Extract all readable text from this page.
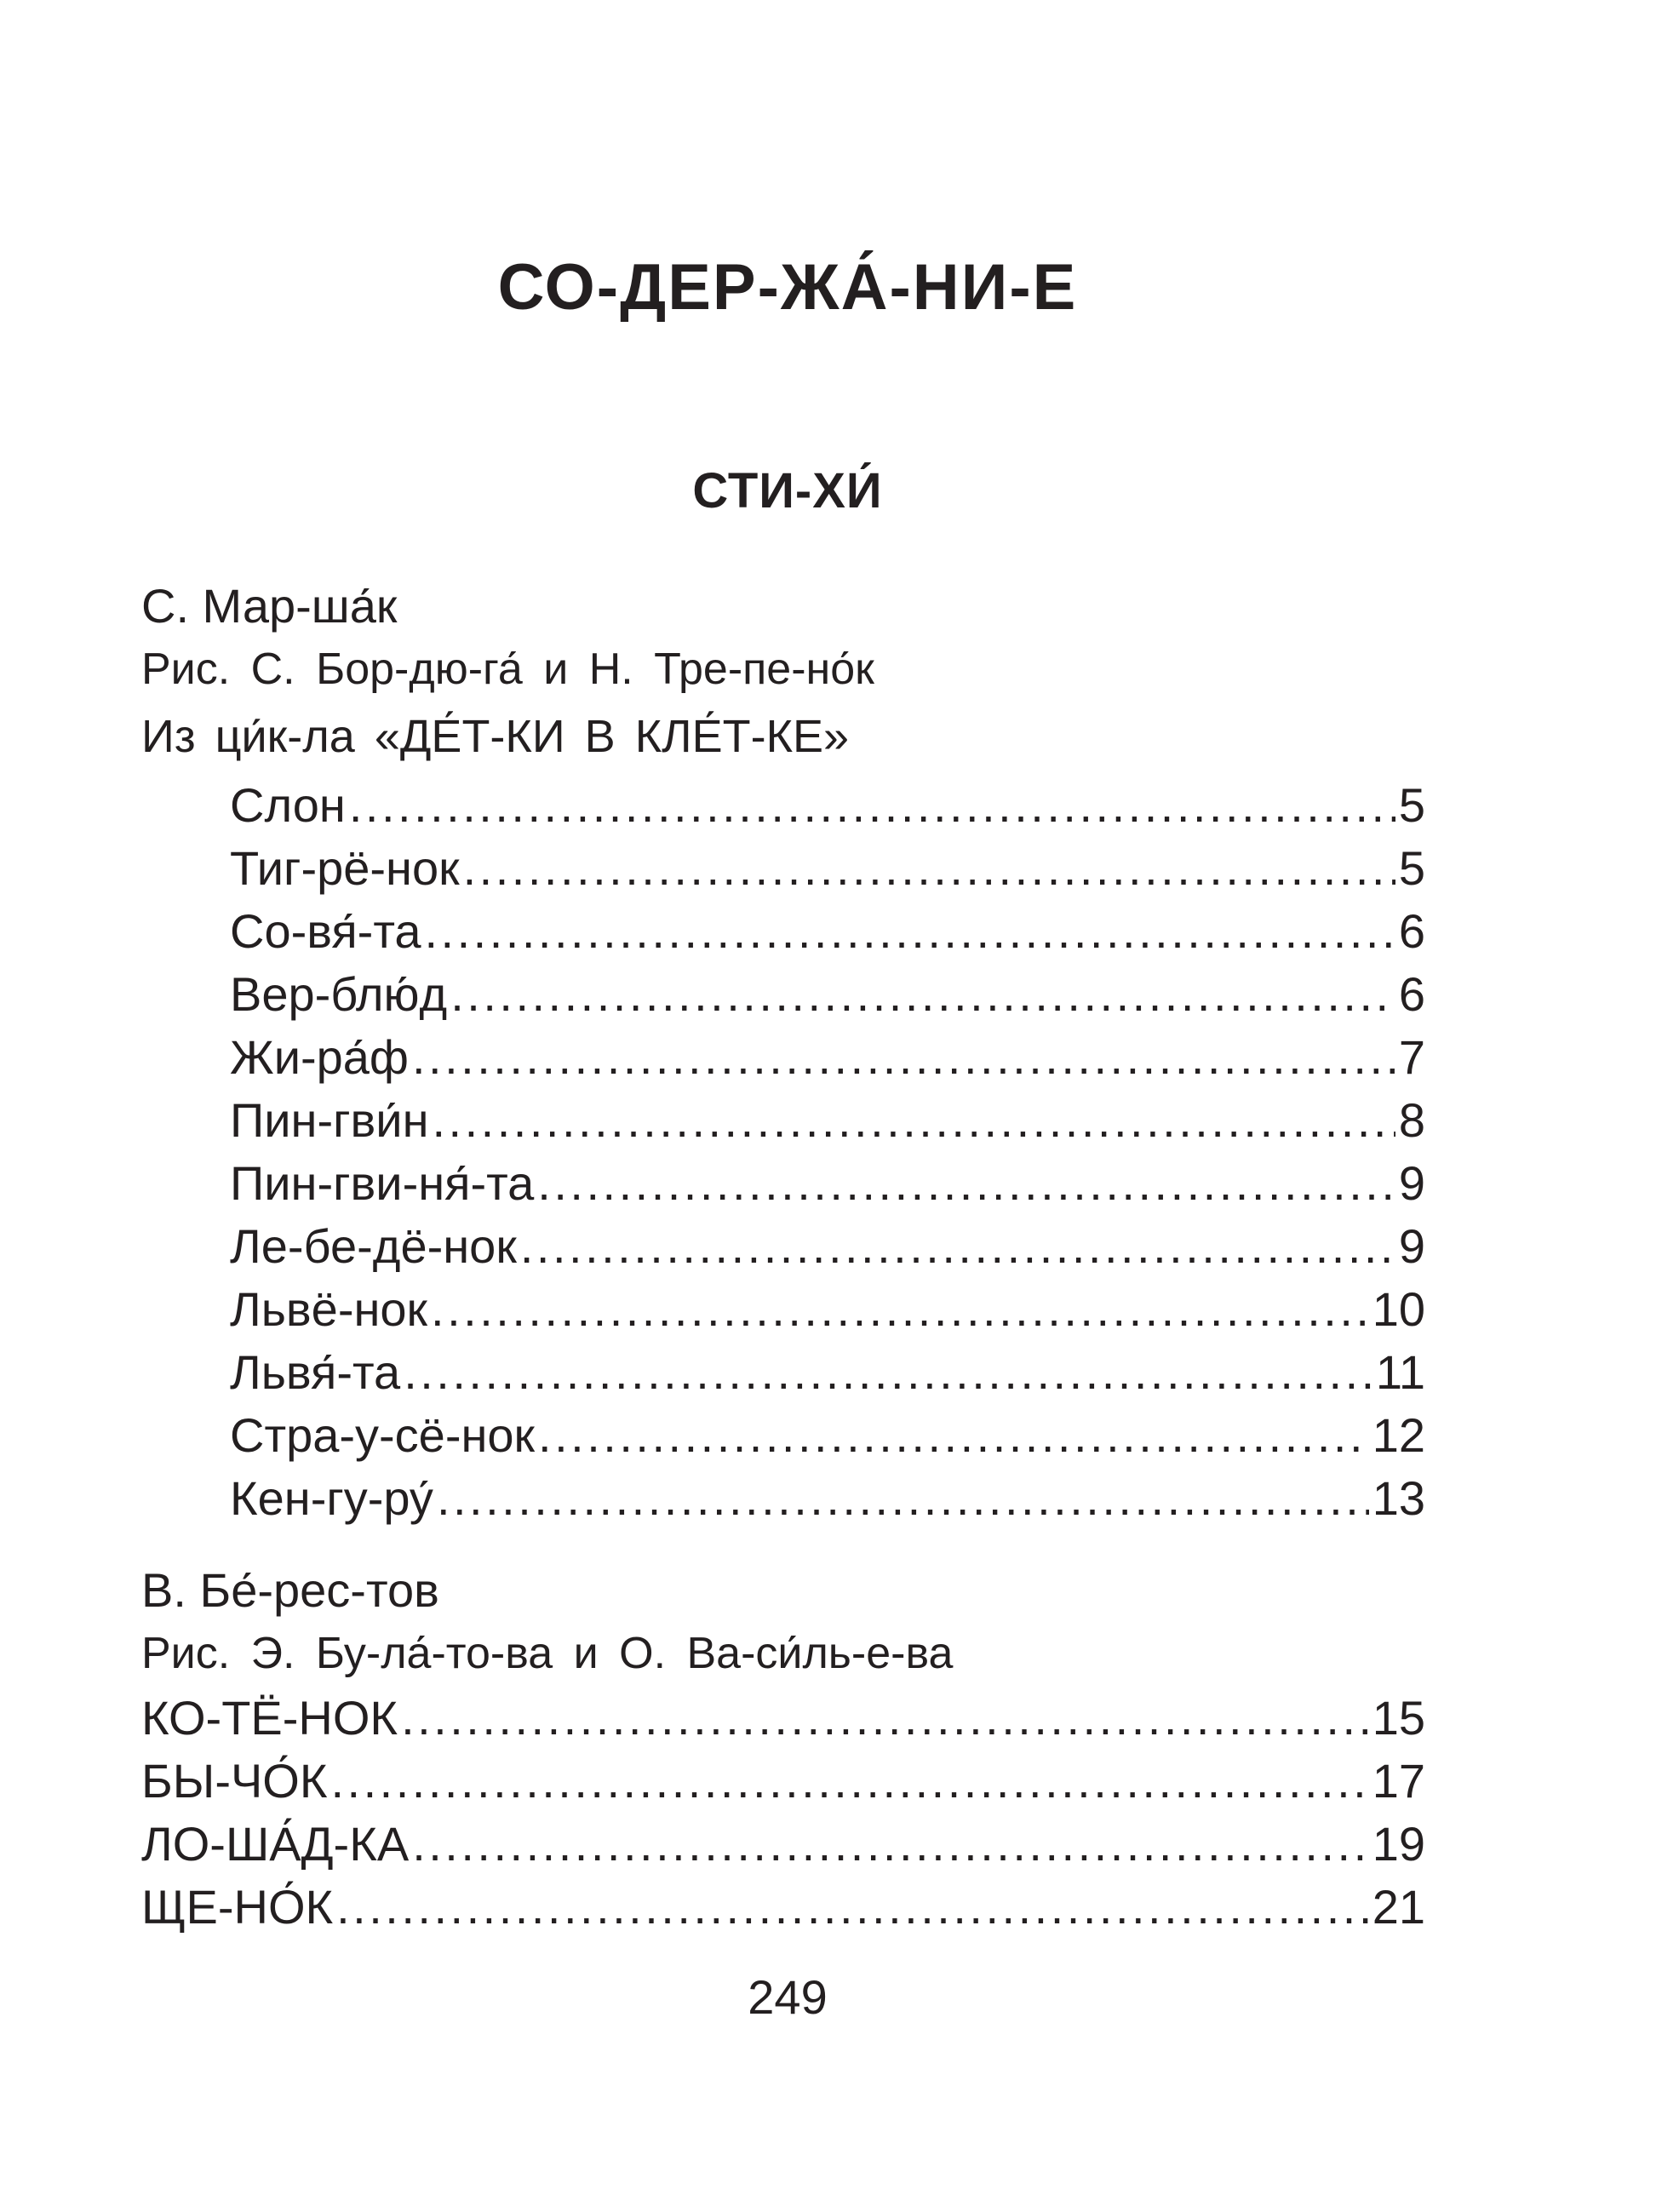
СО-ДЕР-ЖА́-НИ-Е
СТИ-ХИ́
С. Мар-ша́к
Рис. С. Бор-дю-га́ и Н. Тре-пе-но́к
Из ци́к-ла «ДЕ́Т-КИ В КЛЕ́Т-КЕ»
Слон .....	5
Тиг-рё-нок .....	5
Со-вя́-та .....	6
Вер-блю́д .....	6
Жи-ра́ф .....	7
Пин-гви́н .....	8
Пин-гви-ня́-та .....	9
Ле-бе-дё-нок .....	9
Львё-нок .....	10
Львя́-та .....	11
Стра-у-сё-нок .....	12
Кен-гу-ру́ .....	13
В. Бе́-рес-тов
Рис. Э. Бу-ла́-то-ва и О. Ва-си́ль-е-ва
КО-ТЁ-НОК .....	15
БЫ-ЧО́К .....	17
ЛО-ША́Д-КА .....	19
ЩЕ-НО́К .....	21
249
